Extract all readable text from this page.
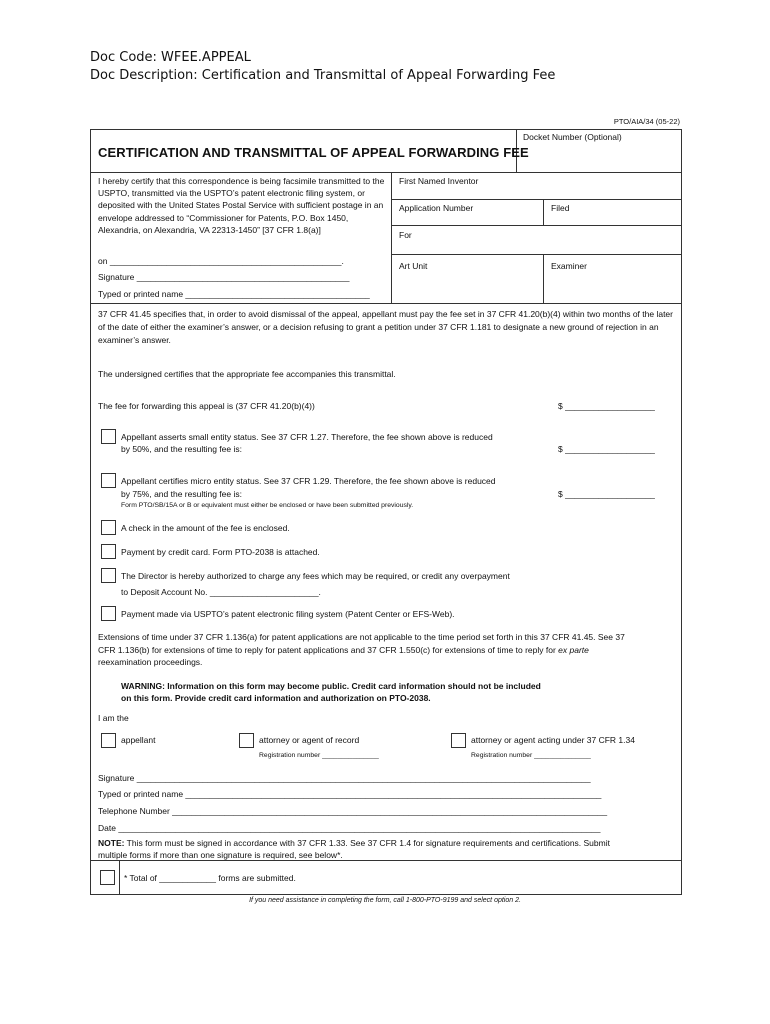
Doc Code: WFEE.APPEAL
Doc Description: Certification and Transmittal of Appeal Forwarding Fee
PTO/AIA/34 (05-22)
CERTIFICATION AND TRANSMITTAL OF APPEAL FORWARDING FEE
Docket Number (Optional)
I hereby certify that this correspondence is being facsimile transmitted to the USPTO, transmitted via the USPTO’s patent electronic filing system, or deposited with the United States Postal Service with sufficient postage in an envelope addressed to “Commissioner for Patents, P.O. Box 1450, Alexandria, on Alexandria, VA 22313-1450” [37 CFR 1.8(a)]
on _________________________________________________.
Signature _____________________________________________
Typed or printed name _______________________________________
First Named Inventor
Application Number	Filed
For
Art Unit	Examiner
37 CFR 41.45 specifies that, in order to avoid dismissal of the appeal, appellant must pay the fee set in 37 CFR 41.20(b)(4) within two months of the later of the date of either the examiner’s answer, or a decision refusing to grant a petition under 37 CFR 1.181 to designate a new ground of rejection in an examiner’s answer.
The undersigned certifies that the appropriate fee accompanies this transmittal.
The fee for forwarding this appeal is (37 CFR 41.20(b)(4))	$ ___________________
Appellant asserts small entity status. See 37 CFR 1.27. Therefore, the fee shown above is reduced
by 50%, and the resulting fee is:	$ ___________________
Appellant certifies micro entity status. See 37 CFR 1.29. Therefore, the fee shown above is reduced
by 75%, and the resulting fee is:	$ ___________________
Form PTO/SB/15A or B or equivalent must either be enclosed or have been submitted previously.
A check in the amount of the fee is enclosed.
Payment by credit card. Form PTO-2038 is attached.
The Director is hereby authorized to charge any fees which may be required, or credit any overpayment
to Deposit Account No. _______________________.
Payment made via USPTO’s patent electronic filing system (Patent Center or EFS-Web).
Extensions of time under 37 CFR 1.136(a) for patent applications are not applicable to the time period set forth in this 37 CFR 41.45. See 37
CFR 1.136(b) for extensions of time to reply for patent applications and 37 CFR 1.550(c) for extensions of time to reply for ex parte
reexamination proceedings.
WARNING: Information on this form may become public. Credit card information should not be included
on this form. Provide credit card information and authorization on PTO-2038.
I am the
appellant	attorney or agent of record
Registration number _______________
attorney or agent acting under 37 CFR 1.34
Registration number _______________
Signature ________________________________________________________________________________________________
Typed or printed name ________________________________________________________________________________________
Telephone Number ____________________________________________________________________________________________
Date ______________________________________________________________________________________________________
NOTE: This form must be signed in accordance with 37 CFR 1.33. See 37 CFR 1.4 for signature requirements and certifications. Submit
multiple forms if more than one signature is required, see below*.
* Total of ____________ forms are submitted.
If you need assistance in completing the form, call 1-800-PTO-9199 and select option 2.
